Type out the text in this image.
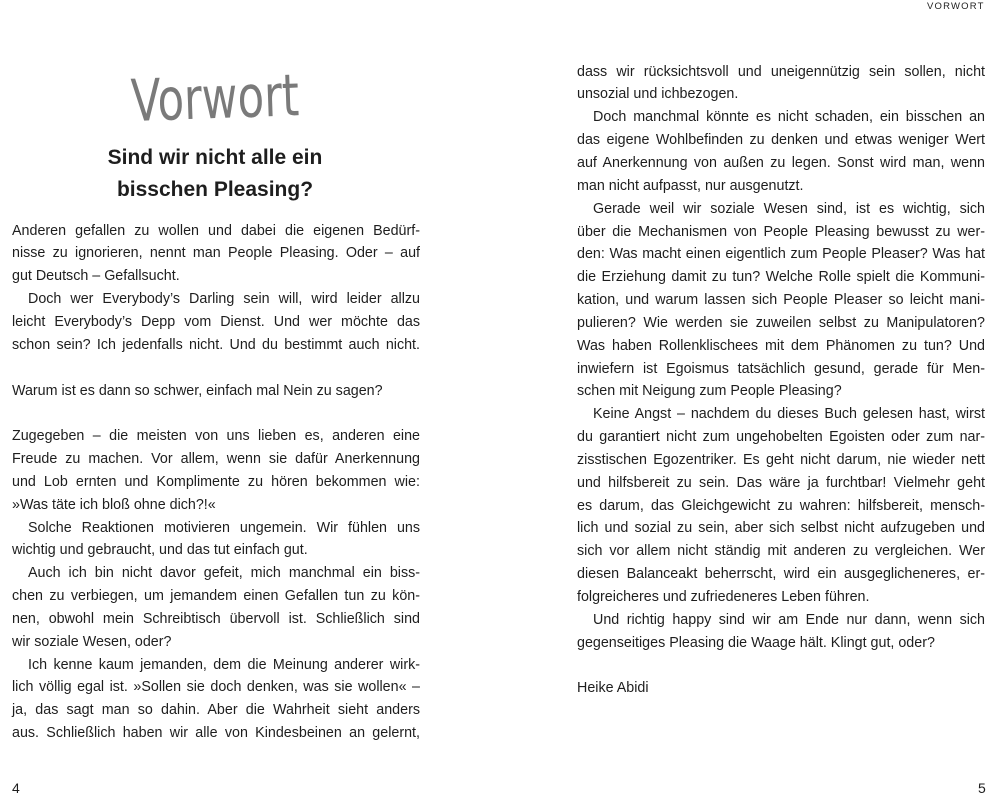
Vorwort
Sind wir nicht alle ein
bisschen Pleasing?
Anderen gefallen zu wollen und dabei die eigenen Bedürf-
nisse zu ignorieren, nennt man People Pleasing. Oder – auf
gut Deutsch – Gefallsucht.
Doch wer Everybody’s Darling sein will, wird leider allzu
leicht Everybody’s Depp vom Dienst. Und wer möchte das
schon sein? Ich jedenfalls nicht. Und du bestimmt auch nicht.
Warum ist es dann so schwer, einfach mal Nein zu sagen?
Zugegeben – die meisten von uns lieben es, anderen eine
Freude zu machen. Vor allem, wenn sie dafür Anerkennung
und Lob ernten und Komplimente zu hören bekommen wie:
»Was täte ich bloß ohne dich?!«
Solche Reaktionen motivieren ungemein. Wir fühlen uns
wichtig und gebraucht, und das tut einfach gut.
Auch ich bin nicht davor gefeit, mich manchmal ein biss-
chen zu verbiegen, um jemandem einen Gefallen tun zu kön-
nen, obwohl mein Schreibtisch übervoll ist. Schließlich sind
wir soziale Wesen, oder?
Ich kenne kaum jemanden, dem die Meinung anderer wirk-
lich völlig egal ist. »Sollen sie doch denken, was sie wollen« –
ja, das sagt man so dahin. Aber die Wahrheit sieht anders
aus. Schließlich haben wir alle von Kindesbeinen an gelernt,
4
VORWORT
dass wir rücksichtsvoll und uneigennützig sein sollen, nicht
unsozial und ichbezogen.
Doch manchmal könnte es nicht schaden, ein bisschen an
das eigene Wohlbefinden zu denken und etwas weniger Wert
auf Anerkennung von außen zu legen. Sonst wird man, wenn
man nicht aufpasst, nur ausgenutzt.
Gerade weil wir soziale Wesen sind, ist es wichtig, sich
über die Mechanismen von People Pleasing bewusst zu wer-
den: Was macht einen eigentlich zum People Pleaser? Was hat
die Erziehung damit zu tun? Welche Rolle spielt die Kommuni-
kation, und warum lassen sich People Pleaser so leicht mani-
pulieren? Wie werden sie zuweilen selbst zu Manipulatoren?
Was haben Rollenklischees mit dem Phänomen zu tun? Und
inwiefern ist Egoismus tatsächlich gesund, gerade für Men-
schen mit Neigung zum People Pleasing?
Keine Angst – nachdem du dieses Buch gelesen hast, wirst
du garantiert nicht zum ungehobelten Egoisten oder zum nar-
zisstischen Egozentriker. Es geht nicht darum, nie wieder nett
und hilfsbereit zu sein. Das wäre ja furchtbar! Vielmehr geht
es darum, das Gleichgewicht zu wahren: hilfsbereit, mensch-
lich und sozial zu sein, aber sich selbst nicht aufzugeben und
sich vor allem nicht ständig mit anderen zu vergleichen. Wer
diesen Balanceakt beherrscht, wird ein ausgeglicheneres, er-
folgreicheres und zufriedeneres Leben führen.
Und richtig happy sind wir am Ende nur dann, wenn sich
gegenseitiges Pleasing die Waage hält. Klingt gut, oder?
Heike Abidi
5
